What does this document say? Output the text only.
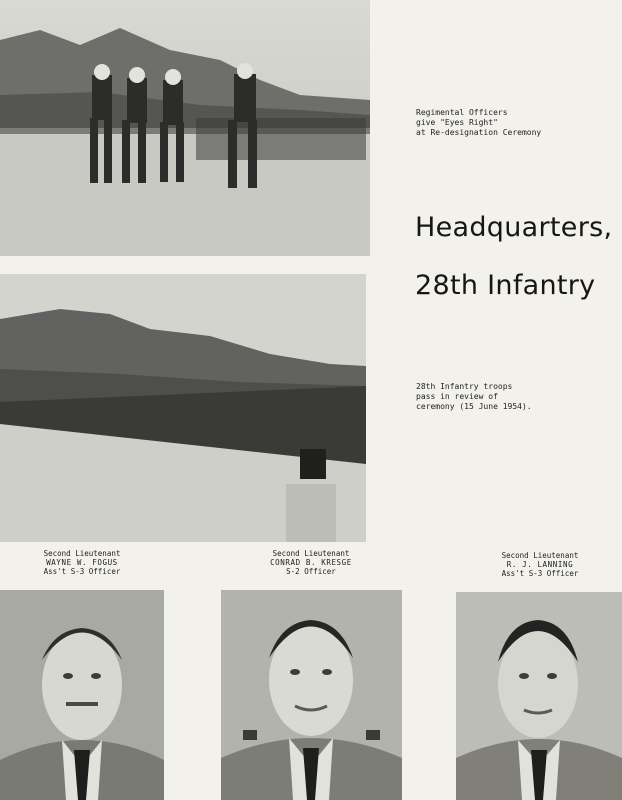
Regimental Officers
give "Eyes Right"
at Re-designation Ceremony
Headquarters,
28th Infantry
28th Infantry troops
pass in review of
ceremony (15 June 1954).
Second Lieutenant
WAYNE W. FOGUS
Ass't S-3 Officer
Second Lieutenant
CONRAD B. KRESGE
S-2 Officer
Second Lieutenant
R. J. LANNING
Ass't S-3 Officer
